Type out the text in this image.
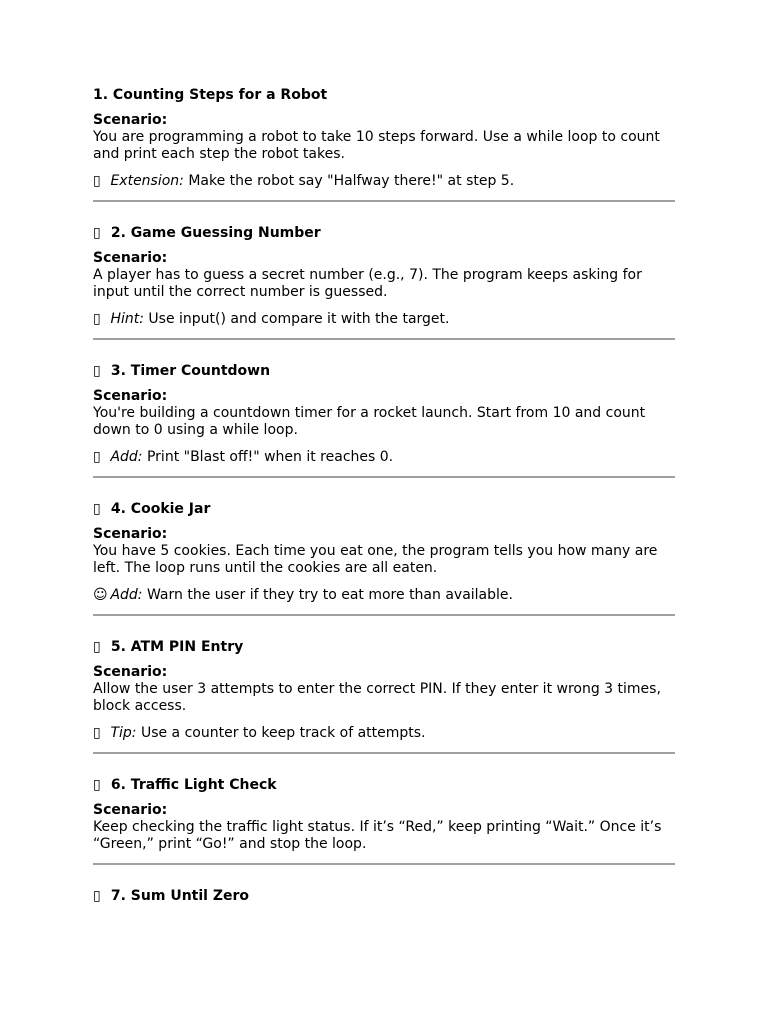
1. Counting Steps for a Robot
Scenario:
You are programming a robot to take 10 steps forward. Use a while loop to count and print each step the robot takes.
▯ Extension: Make the robot say "Halfway there!" at step 5.
▯ 2. Game Guessing Number
Scenario:
A player has to guess a secret number (e.g., 7). The program keeps asking for input until the correct number is guessed.
▯ Hint: Use input() and compare it with the target.
▯ 3. Timer Countdown
Scenario:
You're building a countdown timer for a rocket launch. Start from 10 and count down to 0 using a while loop.
▯ Add: Print "Blast off!" when it reaches 0.
▯ 4. Cookie Jar
Scenario:
You have 5 cookies. Each time you eat one, the program tells you how many are left. The loop runs until the cookies are all eaten.
☺ Add: Warn the user if they try to eat more than available.
▯ 5. ATM PIN Entry
Scenario:
Allow the user 3 attempts to enter the correct PIN. If they enter it wrong 3 times, block access.
▯ Tip: Use a counter to keep track of attempts.
▯ 6. Traffic Light Check
Scenario:
Keep checking the traffic light status. If it’s “Red,” keep printing “Wait.” Once it’s “Green,” print “Go!” and stop the loop.
▯ 7. Sum Until Zero
